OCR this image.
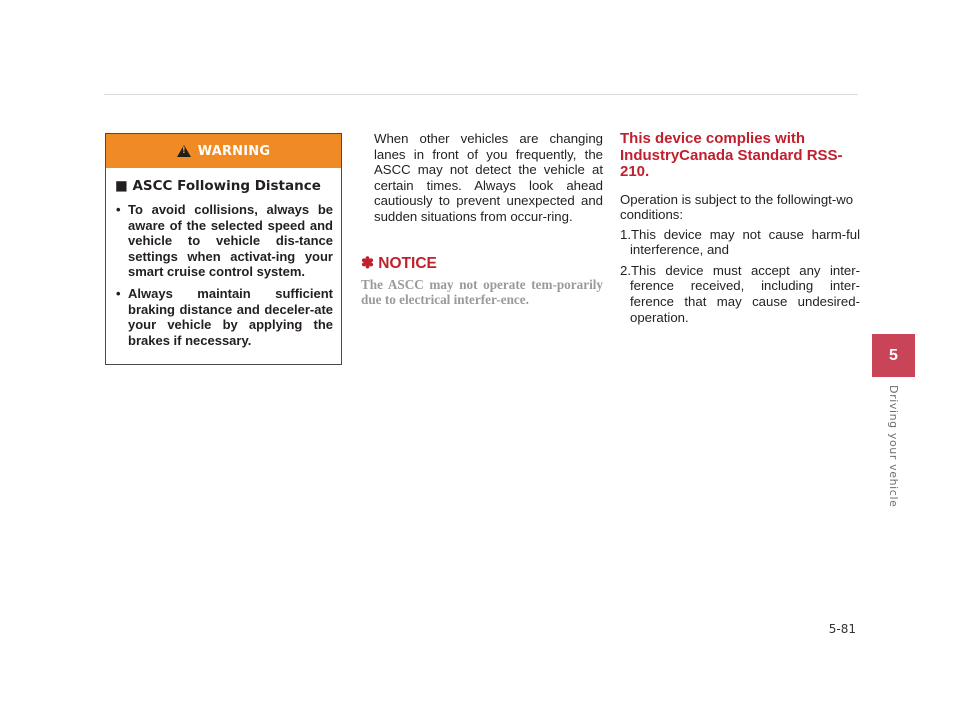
! WARNING
■ ASCC Following Distance
• To avoid collisions, always be aware of the selected speed and vehicle to vehicle dis-tance settings when activat-ing your smart cruise control system.
• Always maintain sufficient braking distance and deceler-ate your vehicle by applying the brakes if necessary.

When other vehicles are changing lanes in front of you frequently, the ASCC may not detect the vehicle at certain times. Always look ahead cautiously to prevent unexpected and sudden situations from occur-ring.

✽ NOTICE

The ASCC may not operate tem-porarily due to electrical interfer-ence.

This device complies with IndustryCanada Standard RSS-210.

Operation is subject to the followingt-wo conditions:

1.This device may not cause harm-ful interference, and
2.This device must accept any inter-ference received, including inter-ference that may cause undesired-operation.
5
Driving your vehicle
5-81
